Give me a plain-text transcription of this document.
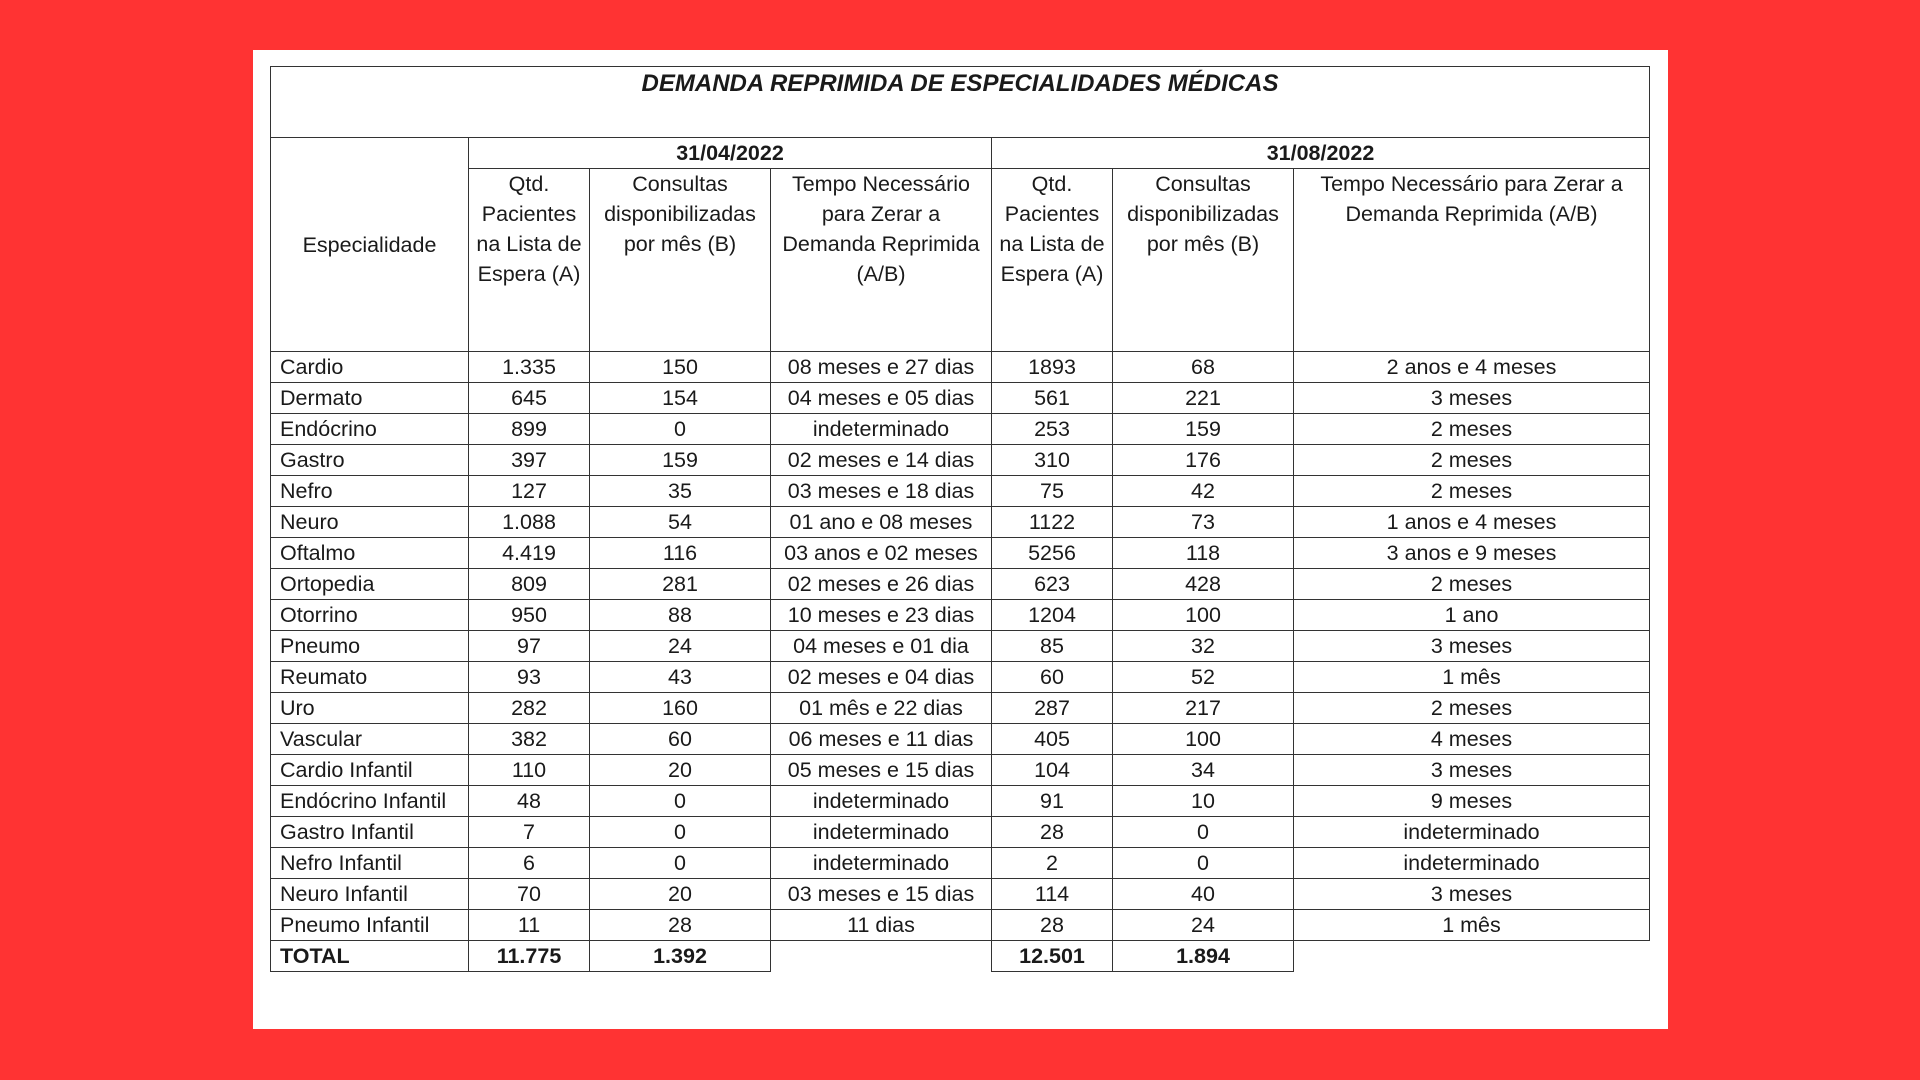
DEMANDA REPRIMIDA DE ESPECIALIDADES MÉDICAS						
Especialidade	31/04/2022			31/08/2022		
	Qtd. Pacientes na Lista de Espera (A)	Consultas disponibilizadas por mês (B)	Tempo Necessário para Zerar a Demanda Reprimida (A/B)	Qtd. Pacientes na Lista de Espera (A)	Consultas disponibilizadas por mês (B)	Tempo Necessário para Zerar a Demanda Reprimida (A/B)
Cardio	1.335	150	08 meses e 27 dias	1893	68	2 anos e 4 meses
Dermato	645	154	04 meses e 05 dias	561	221	3 meses
Endócrino	899	0	indeterminado	253	159	2 meses
Gastro	397	159	02 meses e 14 dias	310	176	2 meses
Nefro	127	35	03 meses e 18 dias	75	42	2 meses
Neuro	1.088	54	01 ano e 08 meses	1122	73	1 anos e 4 meses
Oftalmo	4.419	116	03 anos e 02 meses	5256	118	3 anos e 9 meses
Ortopedia	809	281	02 meses e 26 dias	623	428	2 meses
Otorrino	950	88	10 meses e 23 dias	1204	100	1 ano
Pneumo	97	24	04 meses e 01 dia	85	32	3 meses
Reumato	93	43	02 meses e 04 dias	60	52	1 mês
Uro	282	160	01 mês e 22 dias	287	217	2 meses
Vascular	382	60	06 meses e 11 dias	405	100	4 meses
Cardio Infantil	110	20	05 meses e 15 dias	104	34	3 meses
Endócrino Infantil	48	0	indeterminado	91	10	9 meses
Gastro Infantil	7	0	indeterminado	28	0	indeterminado
Nefro Infantil	6	0	indeterminado	2	0	indeterminado
Neuro Infantil	70	20	03 meses e 15 dias	114	40	3 meses
Pneumo Infantil	11	28	11 dias	28	24	1 mês
TOTAL	11.775	1.392		12.501	1.894	
